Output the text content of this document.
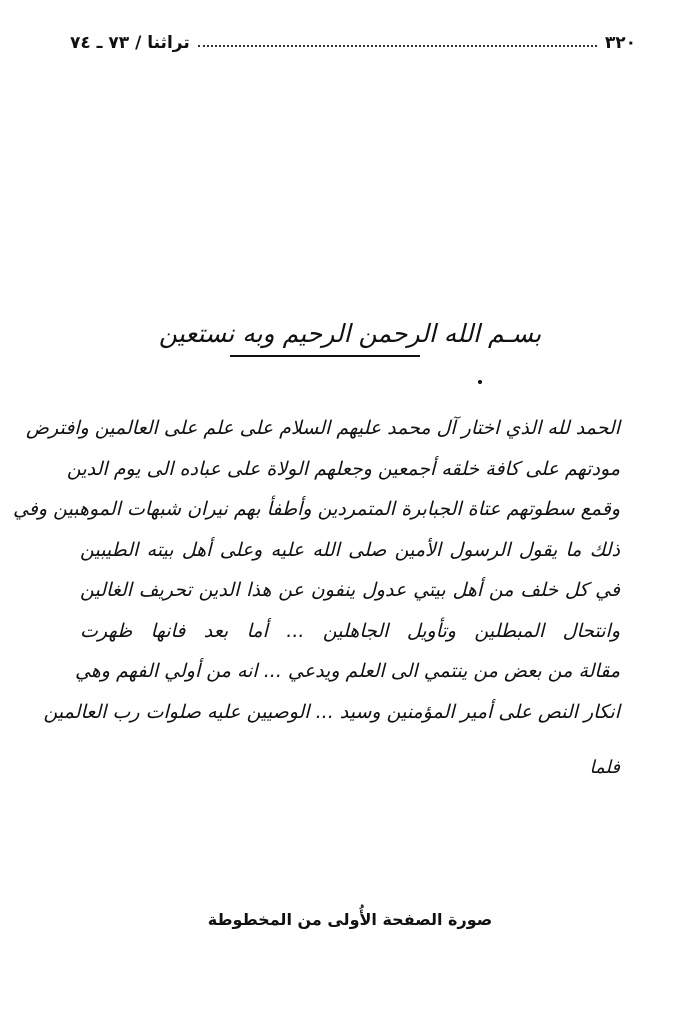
٣٢٠
تراثنا / ٧٣ ـ ٧٤
بسـم الله الرحمن الرحيم وبه نستعين
الحمد لله الذي اختار آل محمد عليهم السلام على علم على العالمين وافترض
مودتهم على كافة خلقه أجمعين وجعلهم الولاة على عباده الى يوم الدين
وقمع سطوتهم عتاة الجبابرة المتمردين وأطفأ بهم نيران شبهات الموهبين وفي
ذلك ما يقول الرسول الأمين صلى الله عليه وعلى أهل بيته الطيبين
في كل خلف من أهل بيتي عدول ينفون عن هذا الدين تحريف الغالين
وانتحال المبطلين وتأويل الجاهلين ... أما بعد فانها ظهرت
مقالة من بعض من ينتمي الى العلم ويدعي ... انه من أولي الفهم وهي
انكار النص على أمير المؤمنين وسيد ... الوصيين عليه صلوات رب العالمين
فلما
صورة الصفحة الأُولى من المخطوطة
